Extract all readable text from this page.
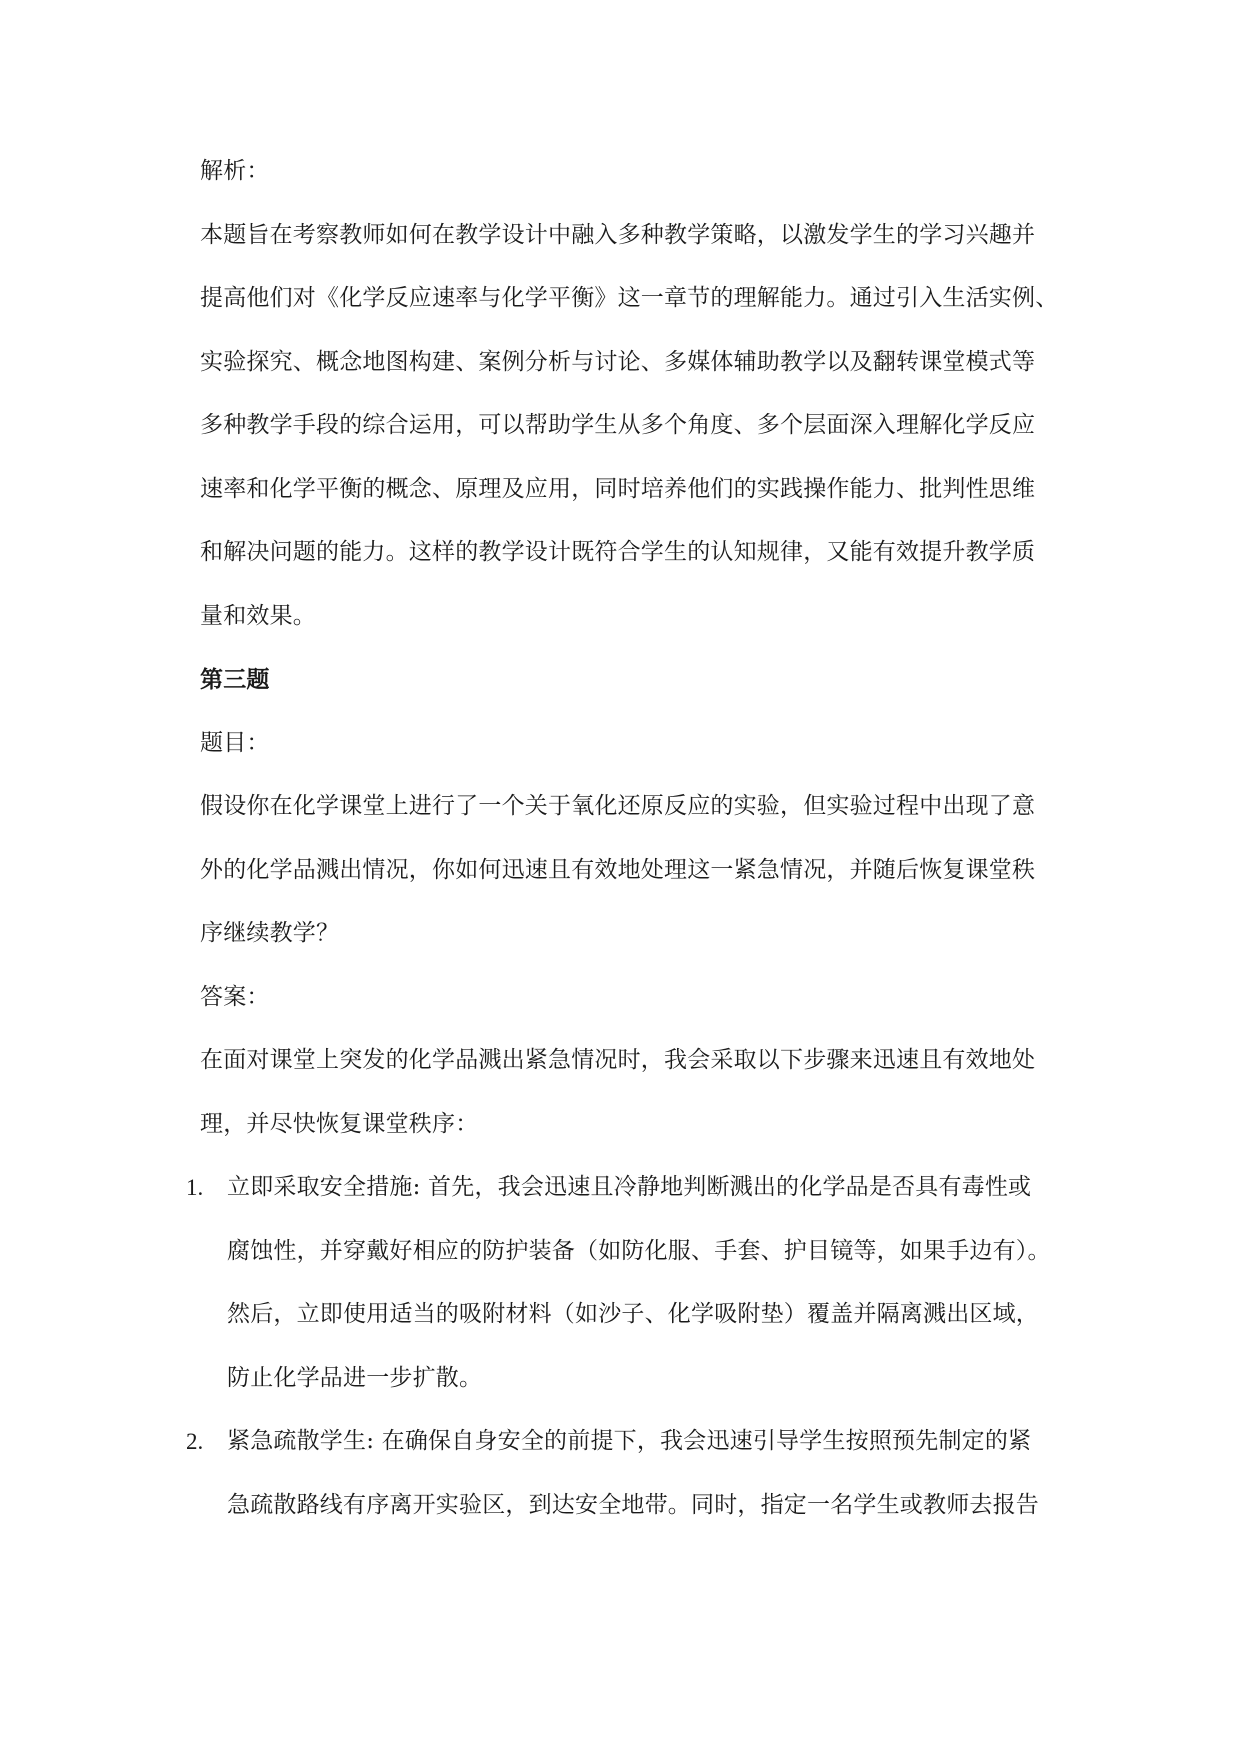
解析：
本题旨在考察教师如何在教学设计中融入多种教学策略，以激发学生的学习兴趣并
提高他们对《化学反应速率与化学平衡》这一章节的理解能力。通过引入生活实例、
实验探究、概念地图构建、案例分析与讨论、多媒体辅助教学以及翻转课堂模式等
多种教学手段的综合运用，可以帮助学生从多个角度、多个层面深入理解化学反应
速率和化学平衡的概念、原理及应用，同时培养他们的实践操作能力、批判性思维
和解决问题的能力。这样的教学设计既符合学生的认知规律，又能有效提升教学质
量和效果。
第三题
题目：
假设你在化学课堂上进行了一个关于氧化还原反应的实验，但实验过程中出现了意
外的化学品溅出情况，你如何迅速且有效地处理这一紧急情况，并随后恢复课堂秩
序继续教学？
答案：
在面对课堂上突发的化学品溅出紧急情况时，我会采取以下步骤来迅速且有效地处
理，并尽快恢复课堂秩序：
1. 立即采取安全措施: 首先，我会迅速且冷静地判断溅出的化学品是否具有毒性或
腐蚀性，并穿戴好相应的防护装备（如防化服、手套、护目镜等，如果手边有）。
然后，立即使用适当的吸附材料（如沙子、化学吸附垫）覆盖并隔离溅出区域，
防止化学品进一步扩散。
2. 紧急疏散学生: 在确保自身安全的前提下，我会迅速引导学生按照预先制定的紧
急疏散路线有序离开实验区，到达安全地带。同时，指定一名学生或教师去报告
